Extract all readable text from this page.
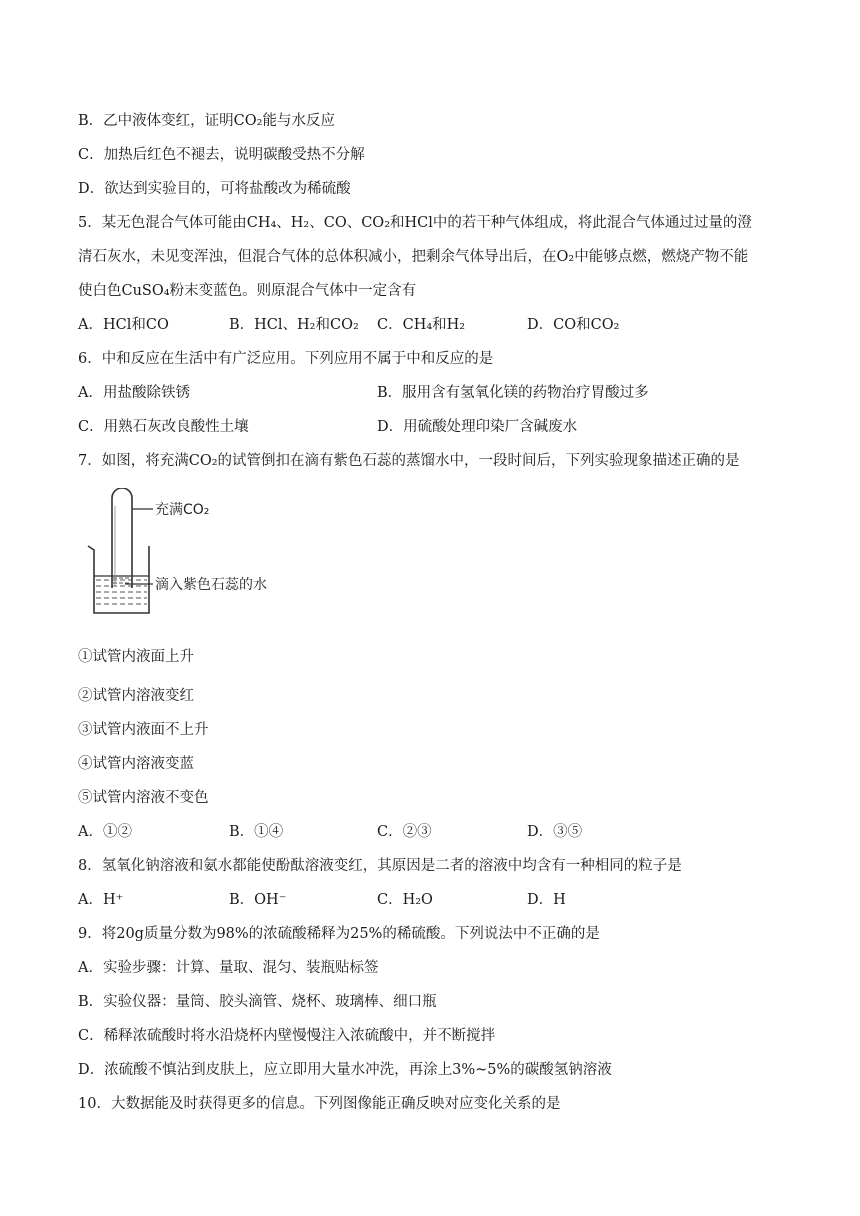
B．乙中液体变红，证明CO₂能与水反应
C．加热后红色不褪去，说明碳酸受热不分解
D．欲达到实验目的，可将盐酸改为稀硫酸
5．某无色混合气体可能由CH₄、H₂、CO、CO₂和HCl中的若干种气体组成，将此混合气体通过过量的澄
清石灰水，未见变浑浊，但混合气体的总体积减小，把剩余气体导出后，在O₂中能够点燃，燃烧产物不能
使白色CuSO₄粉末变蓝色。则原混合气体中一定含有
A．HCl和CO	B．HCl、H₂和CO₂ C．CH₄和H₂	D．CO和CO₂
6．中和反应在生活中有广泛应用。下列应用不属于中和反应的是
A．用盐酸除铁锈	B．服用含有氢氧化镁的药物治疗胃酸过多
C．用熟石灰改良酸性土壤	D．用硫酸处理印染厂含碱废水
7．如图，将充满CO₂的试管倒扣在滴有紫色石蕊的蒸馏水中，一段时间后，下列实验现象描述正确的是
充满CO₂
滴入紫色石蕊的水
①试管内液面上升
②试管内溶液变红
③试管内液面不上升
④试管内溶液变蓝
⑤试管内溶液不变色
A．①②	B．①④	C．②③	D．③⑤
8．氢氧化钠溶液和氨水都能使酚酞溶液变红，其原因是二者的溶液中均含有一种相同的粒子是
A．H⁺	B．OH⁻	C．H₂O	D．H
9．将20g质量分数为98%的浓硫酸稀释为25%的稀硫酸。下列说法中不正确的是
A．实验步骤：计算、量取、混匀、装瓶贴标签
B．实验仪器：量筒、胶头滴管、烧杯、玻璃棒、细口瓶
C．稀释浓硫酸时将水沿烧杯内壁慢慢注入浓硫酸中，并不断搅拌
D．浓硫酸不慎沾到皮肤上，应立即用大量水冲洗，再涂上3%~5%的碳酸氢钠溶液
10．大数据能及时获得更多的信息。下列图像能正确反映对应变化关系的是
